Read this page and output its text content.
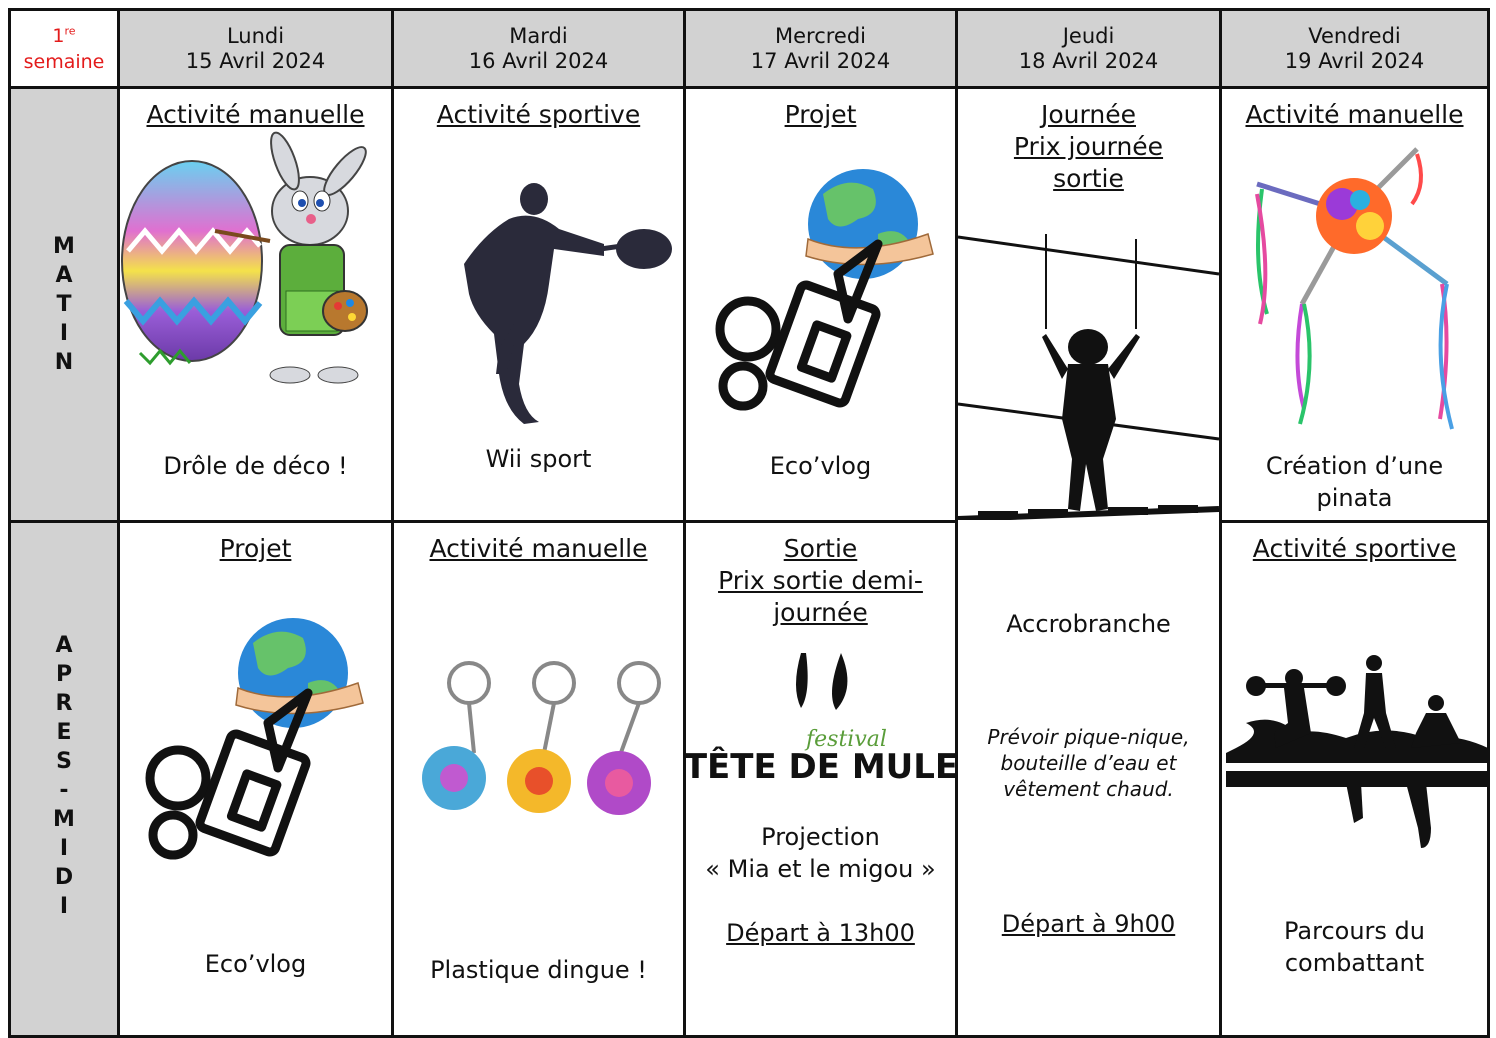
1re
semaine
Lundi
15 Avril 2024
Mardi
16 Avril 2024
Mercredi
17 Avril 2024
Jeudi
18 Avril 2024
Vendredi
19 Avril 2024
M
A
T
I
N
A
P
R
E
S
-
M
I
D
I
Activité manuelle
Drôle de déco !
Activité sportive
Wii sport
Projet
Eco’vlog
Journée
Prix journée
sortie
Accrobranche
Prévoir pique-nique,
bouteille d’eau et
vêtement chaud.
Départ à 9h00
Activité manuelle
Création d’une
pinata
Projet
Eco’vlog
Activité manuelle
Plastique dingue !
Sortie
Prix sortie demi-
journée
festival
TÊTE DE MULE
Projection
« Mia et le migou »
Départ à 13h00
Activité sportive
Parcours du
combattant
